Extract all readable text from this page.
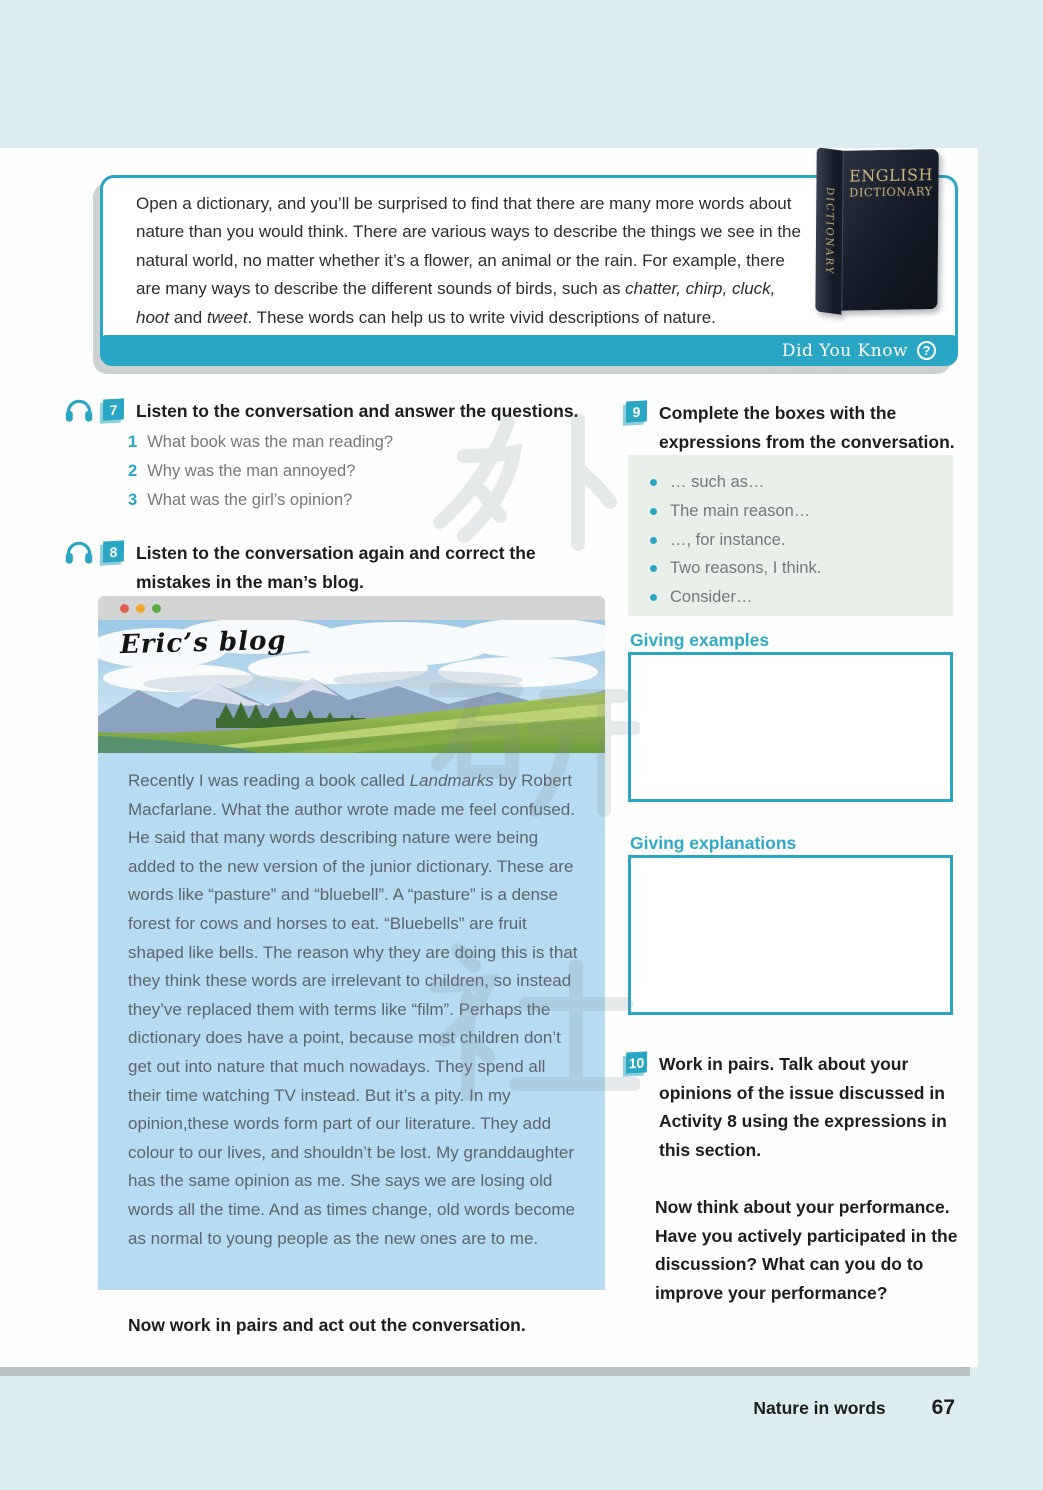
Open a dictionary, and you’ll be surprised to find that there are many more words about nature than you would think. There are various ways to describe the things we see in the natural world, no matter whether it’s a flower, an animal or the rain. For example, there are many ways to describe the different sounds of birds, such as chatter, chirp, cluck, hoot and tweet. These words can help us to write vivid descriptions of nature.

Did You Know	?
DICTIONARY
ENGLISH
DICTIONARY
7	Listen to the conversation and answer the questions.
1 What book was the man reading?
2 Why was the man annoyed?
3 What was the girl’s opinion?
8	Listen to the conversation again and correct the mistakes in the man’s blog.
Eric’s blog

Recently I was reading a book called Landmarks by Robert Macfarlane. What the author wrote made me feel confused. He said that many words describing nature were being added to the new version of the junior dictionary. These are words like “pasture” and “bluebell”. A “pasture” is a dense forest for cows and horses to eat. “Bluebells” are fruit shaped like bells. The reason why they are doing this is that they think these words are irrelevant to children, so instead they’ve replaced them with terms like “film”. Perhaps the dictionary does have a point, because most children don’t get out into nature that much nowadays. They spend all their time watching TV instead. But it’s a pity. In my opinion,these words form part of our literature. They add colour to our lives, and shouldn’t be lost. My granddaughter has the same opinion as me. She says we are losing old words all the time. And as times change, old words become as normal to young people as the new ones are to me.

Now work in pairs and act out the conversation.

9	Complete the boxes with the expressions from the conversation.
… such as…
The main reason…
…, for instance.
Two reasons, I think.
Consider…
Giving examples
Giving explanations
10 Work in pairs. Talk about your opinions of the issue discussed in Activity 8 using the expressions in this section.

Now think about your performance. Have you actively participated in the discussion? What can you do to improve your performance?

Nature in words 67
